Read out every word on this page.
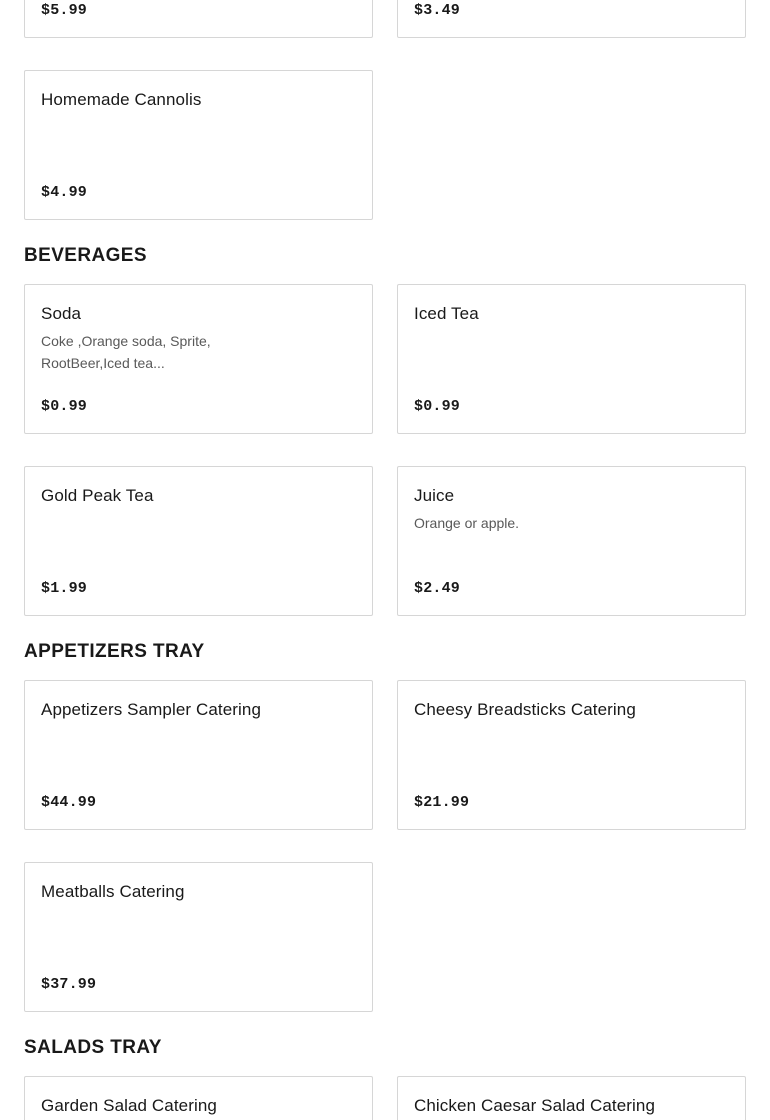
$5.99	$3.49
Homemade Cannolis
$4.99
BEVERAGES
Soda
Coke ,Orange soda, Sprite, RootBeer,Iced tea...
$0.99
Iced Tea
$0.99
Gold Peak Tea
$1.99
Juice
Orange or apple.
$2.49
APPETIZERS TRAY
Appetizers Sampler Catering
$44.99
Cheesy Breadsticks Catering
$21.99
Meatballs Catering
$37.99
SALADS TRAY
Garden Salad Catering	Chicken Caesar Salad Catering
